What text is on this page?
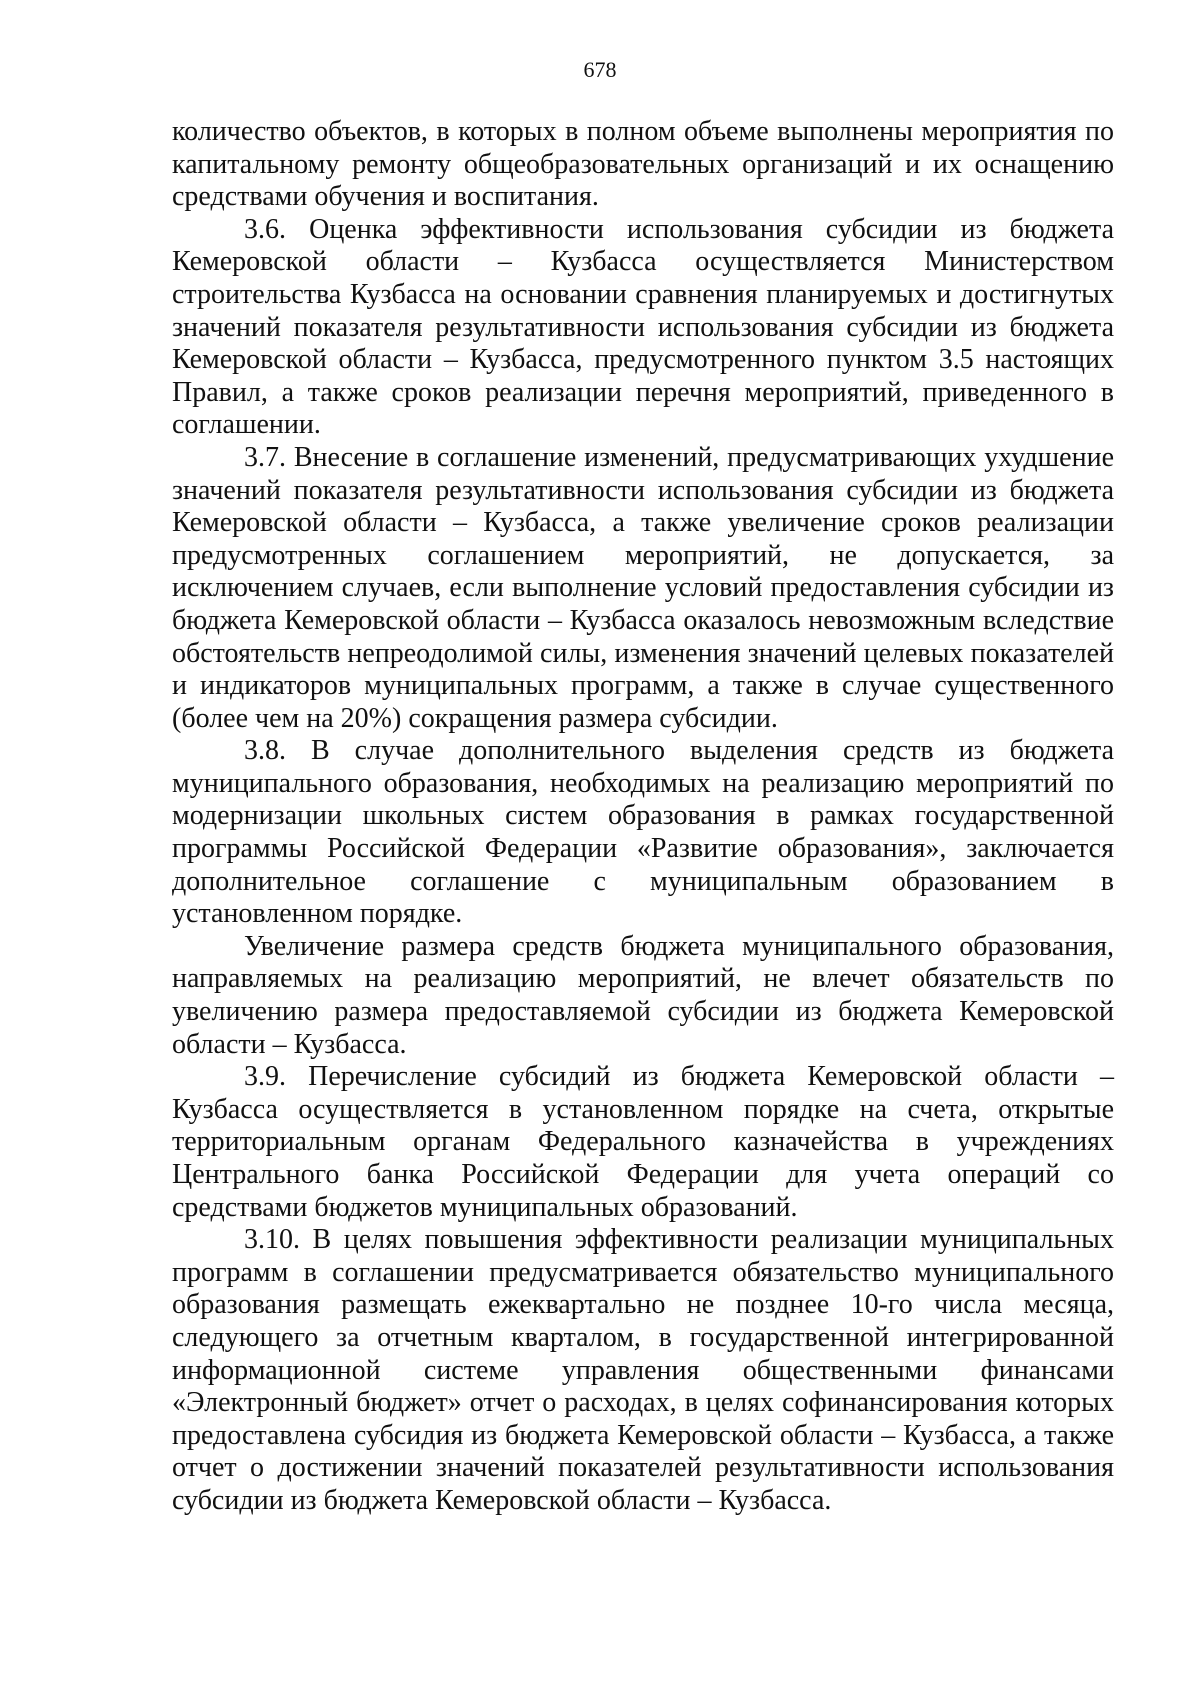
678

количество объектов, в которых в полном объеме выполнены мероприятия по капитальному ремонту общеобразовательных организаций и их оснащению средствами обучения и воспитания.

3.6. Оценка эффективности использования субсидии из бюджета Кемеровской области – Кузбасса осуществляется Министерством строительства Кузбасса на основании сравнения планируемых и достигнутых значений показателя результативности использования субсидии из бюджета Кемеровской области – Кузбасса, предусмотренного пунктом 3.5 настоящих Правил, а также сроков реализации перечня мероприятий, приведенного в соглашении.

3.7. Внесение в соглашение изменений, предусматривающих ухудшение значений показателя результативности использования субсидии из бюджета Кемеровской области – Кузбасса, а также увеличение сроков реализации предусмотренных соглашением мероприятий, не допускается, за исключением случаев, если выполнение условий предоставления субсидии из бюджета Кемеровской области – Кузбасса оказалось невозможным вследствие обстоятельств непреодолимой силы, изменения значений целевых показателей и индикаторов муниципальных программ, а также в случае существенного (более чем на 20%) сокращения размера субсидии.

3.8. В случае дополнительного выделения средств из бюджета муниципального образования, необходимых на реализацию мероприятий по модернизации школьных систем образования в рамках государственной программы Российской Федерации «Развитие образования», заключается дополнительное соглашение с муниципальным образованием в установленном порядке.

Увеличение размера средств бюджета муниципального образования, направляемых на реализацию мероприятий, не влечет обязательств по увеличению размера предоставляемой субсидии из бюджета Кемеровской области – Кузбасса.

3.9. Перечисление субсидий из бюджета Кемеровской области – Кузбасса осуществляется в установленном порядке на счета, открытые территориальным органам Федерального казначейства в учреждениях Центрального банка Российской Федерации для учета операций со средствами бюджетов муниципальных образований.

3.10. В целях повышения эффективности реализации муниципальных программ в соглашении предусматривается обязательство муниципального образования размещать ежеквартально не позднее 10-го числа месяца, следующего за отчетным кварталом, в государственной интегрированной информационной системе управления общественными финансами «Электронный бюджет» отчет о расходах, в целях софинансирования которых предоставлена субсидия из бюджета Кемеровской области – Кузбасса, а также отчет о достижении значений показателей результативности использования субсидии из бюджета Кемеровской области – Кузбасса.
